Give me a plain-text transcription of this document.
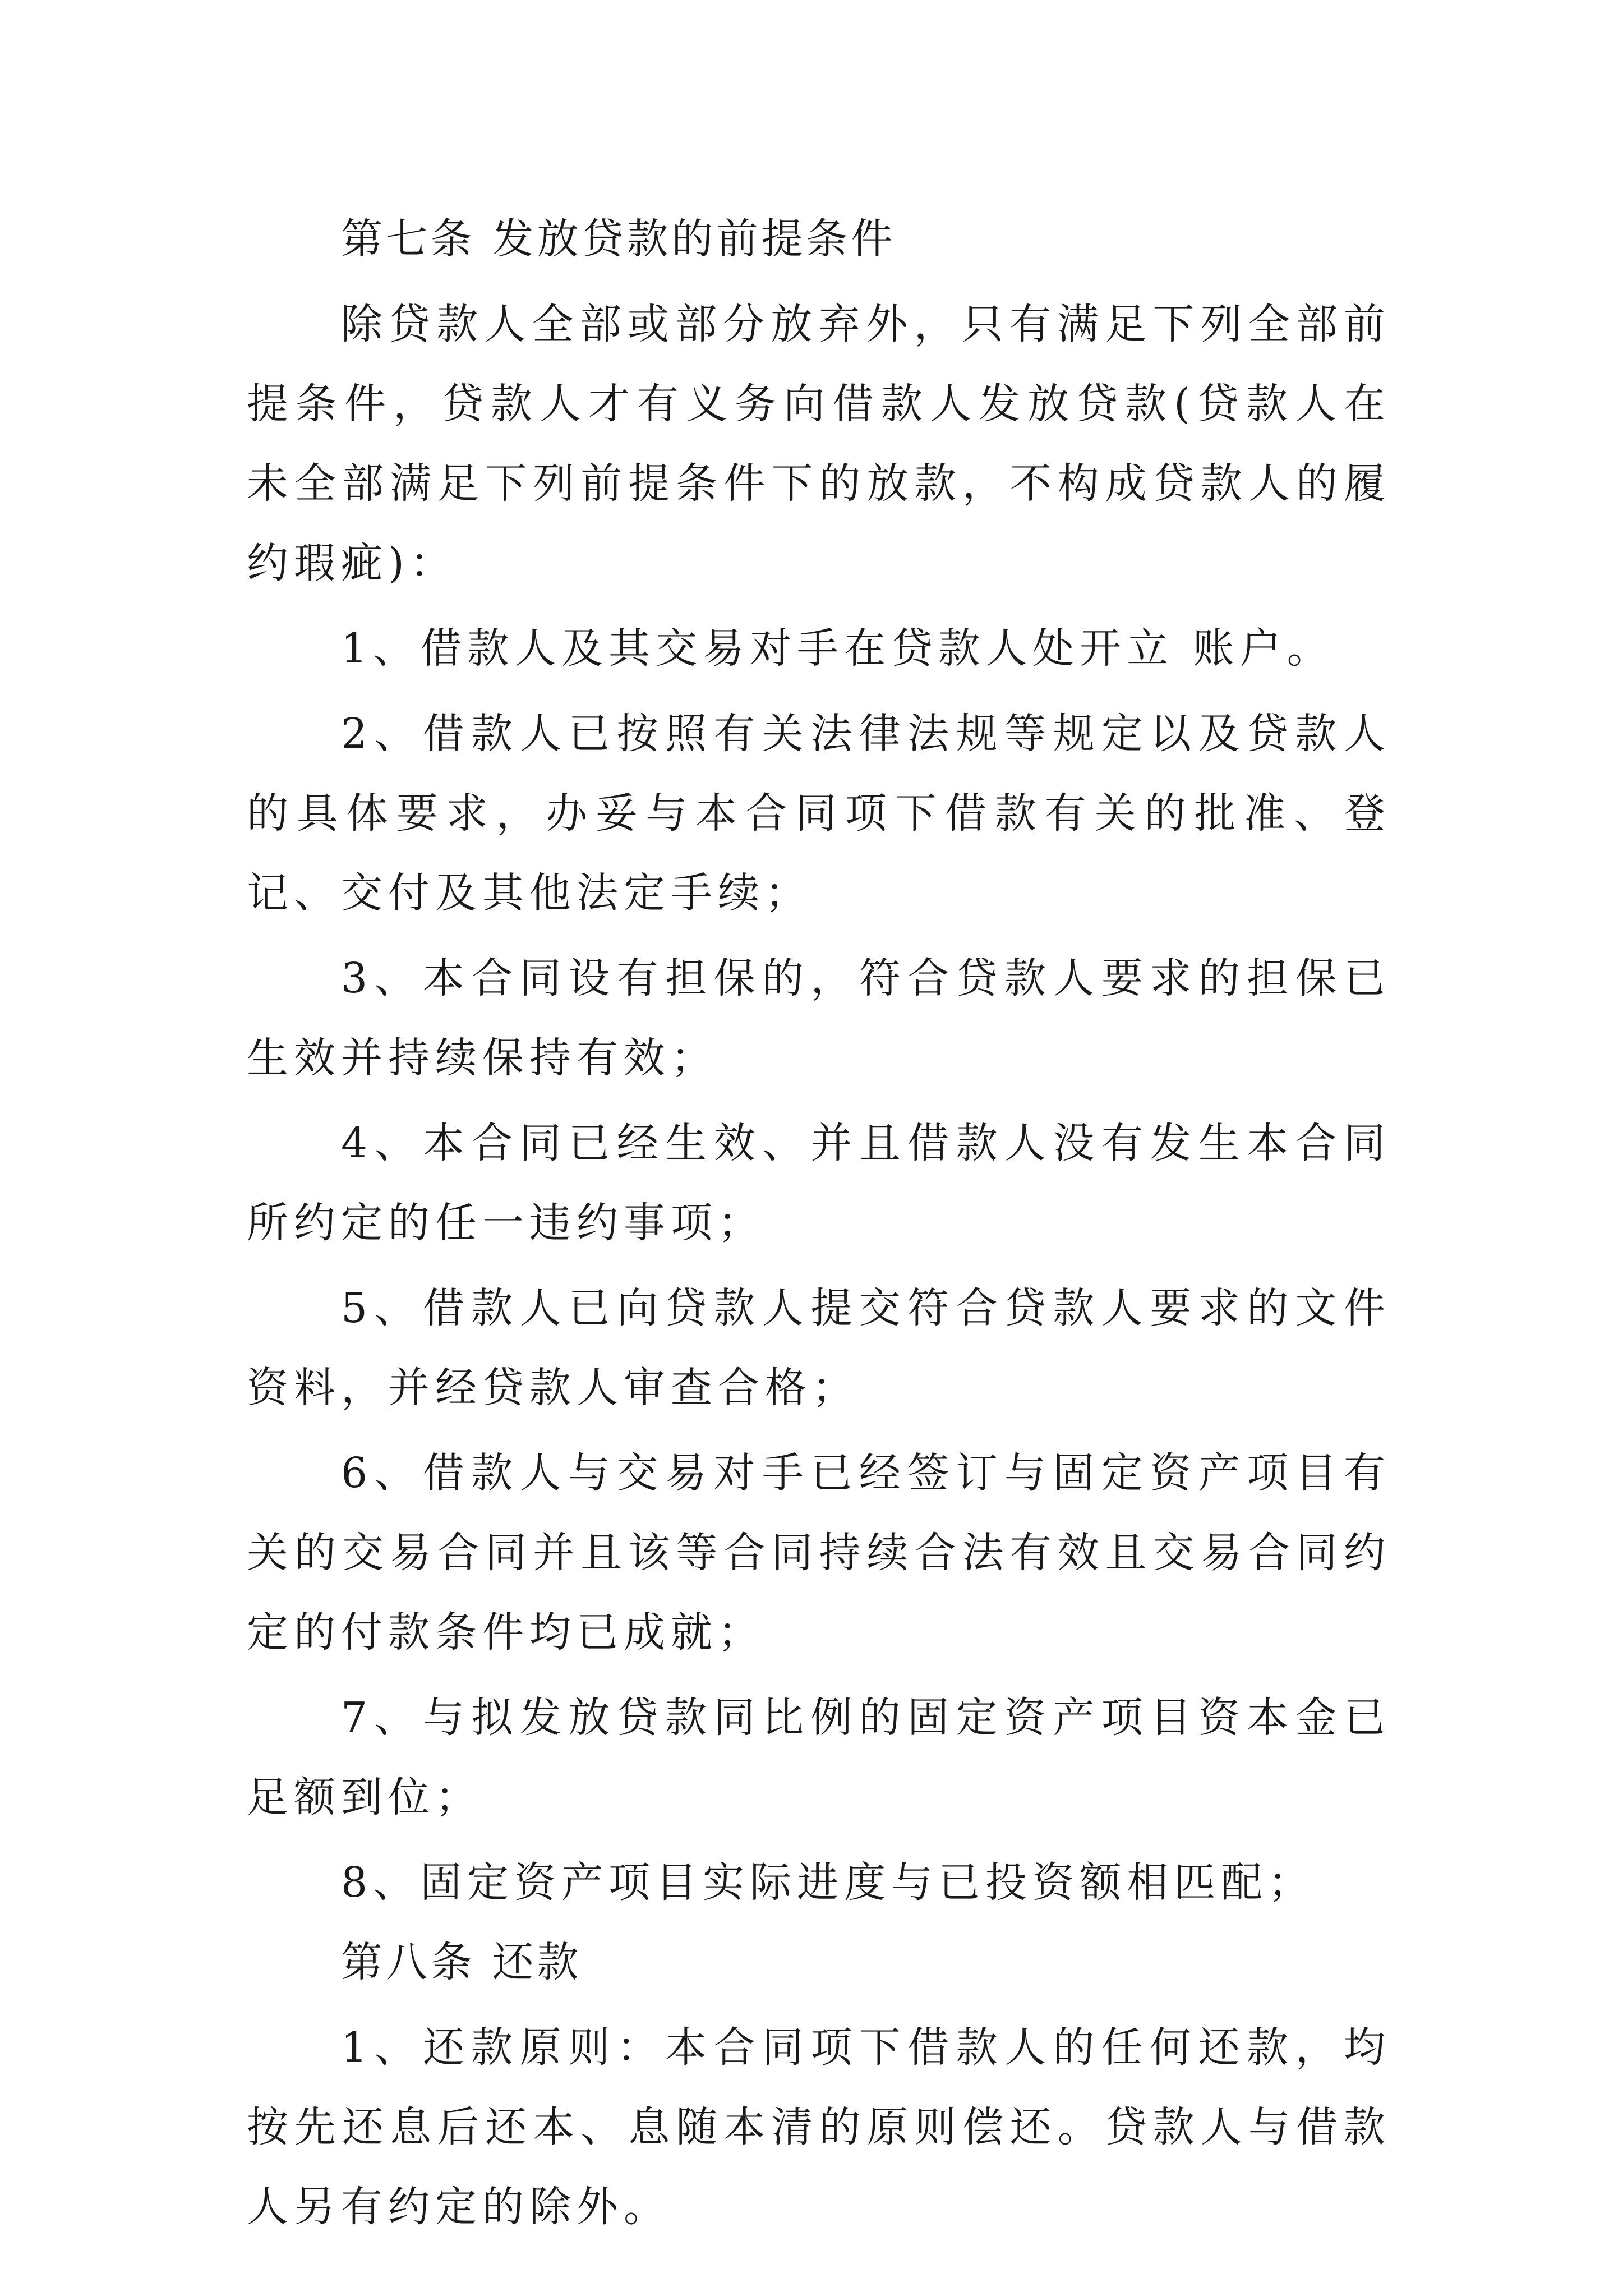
第七条 发放贷款的前提条件

除贷款人全部或部分放弃外，只有满足下列全部前提条件，贷款人才有义务向借款人发放贷款(贷款人在未全部满足下列前提条件下的放款，不构成贷款人的履约瑕疵)：

1、借款人及其交易对手在贷款人处开立 账户。

2、借款人已按照有关法律法规等规定以及贷款人的具体要求，办妥与本合同项下借款有关的批准、登记、交付及其他法定手续；

3、本合同设有担保的，符合贷款人要求的担保已生效并持续保持有效；

4、本合同已经生效、并且借款人没有发生本合同所约定的任一违约事项；

5、借款人已向贷款人提交符合贷款人要求的文件资料，并经贷款人审查合格；

6、借款人与交易对手已经签订与固定资产项目有关的交易合同并且该等合同持续合法有效且交易合同约定的付款条件均已成就；

7、与拟发放贷款同比例的固定资产项目资本金已足额到位；

8、固定资产项目实际进度与已投资额相匹配；

第八条 还款

1、还款原则：本合同项下借款人的任何还款，均按先还息后还本、息随本清的原则偿还。贷款人与借款人另有约定的除外。
